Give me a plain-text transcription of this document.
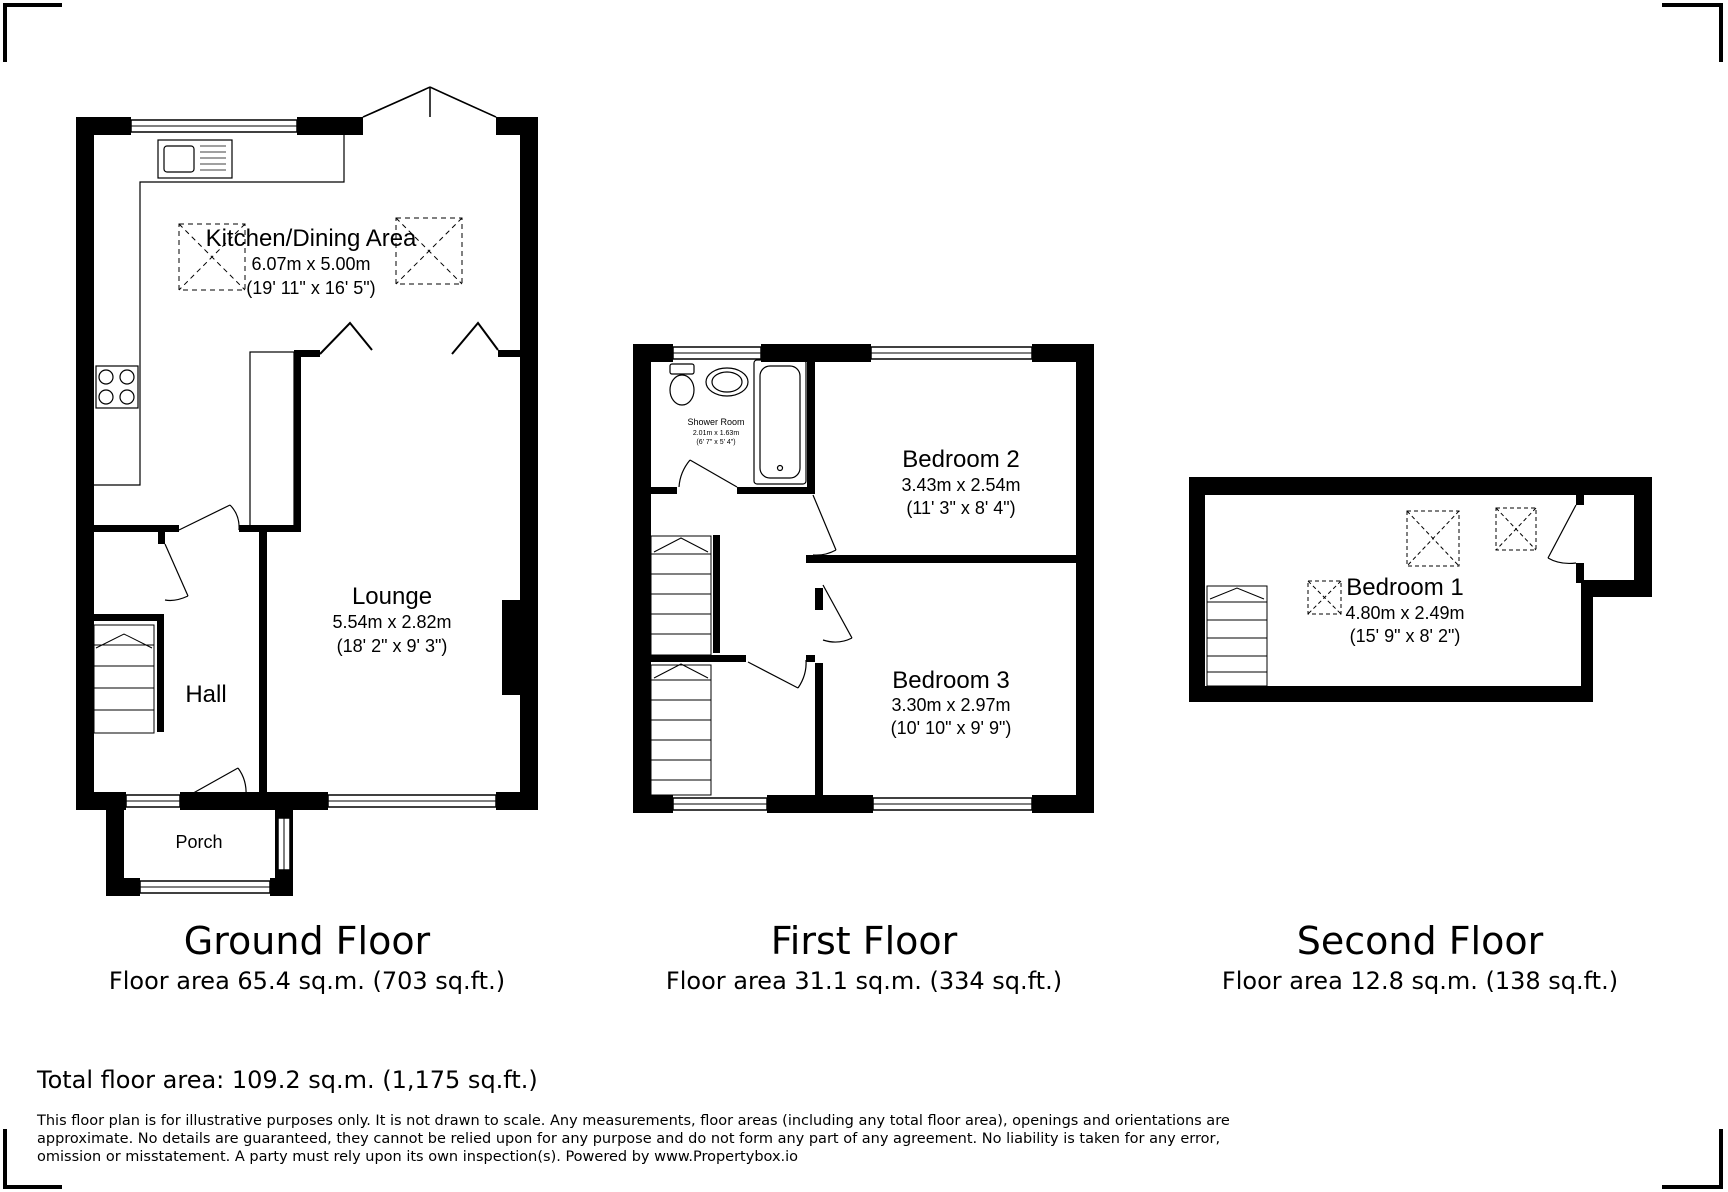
Kitchen/Dining Area
6.07m x 5.00m
(19' 11" x 16' 5")
Lounge
5.54m x 2.82m
(18' 2" x 9' 3")
Hall
Porch
Bedroom 2
3.43m x 2.54m
(11' 3" x 8' 4")
Bedroom 3
3.30m x 2.97m
(10' 10" x 9' 9")
Shower Room
2.01m x 1.63m
(6' 7" x 5' 4")
Bedroom 1
4.80m x 2.49m
(15' 9" x 8' 2")
Ground Floor
Floor area 65.4 sq.m. (703 sq.ft.)
First Floor
Floor area 31.1 sq.m. (334 sq.ft.)
Second Floor
Floor area 12.8 sq.m. (138 sq.ft.)
Total floor area: 109.2 sq.m. (1,175 sq.ft.)
This floor plan is for illustrative purposes only. It is not drawn to scale. Any measurements, floor areas (including any total floor area), openings and orientations are
approximate. No details are guaranteed, they cannot be relied upon for any purpose and do not form any part of any agreement. No liability is taken for any error,
omission or misstatement. A party must rely upon its own inspection(s). Powered by www.Propertybox.io
